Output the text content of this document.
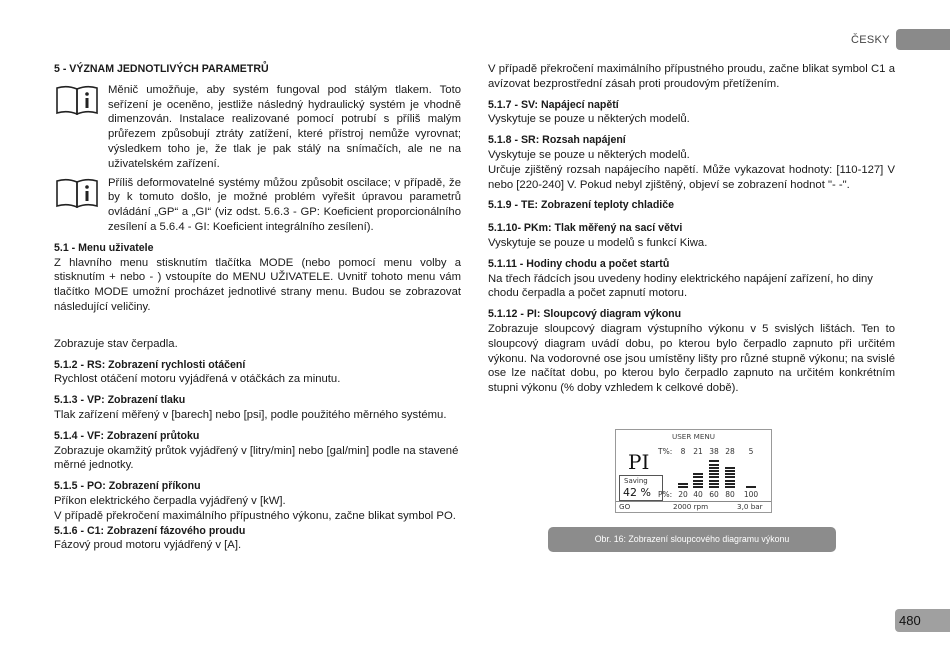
ČESKY

5 - VÝZNAM JEDNOTLIVÝCH PARAMETRŮ

Měnič umožňuje, aby systém fungoval pod stálým tlakem. Toto seřízení je oceněno, jestliže následný hydraulický systém je vhodně dimenzován. Instalace realizované pomocí potrubí s příliš malým průřezem způsobují ztráty zatížení, které přístroj nemůže vyrovnat; výsledkem toho je, že tlak je pak stálý na snímačích, ale ne na uživatelském zařízení.

Příliš deformovatelné systémy můžou způsobit oscilace; v případě, že by k tomuto došlo, je možné problém vyřešit úpravou parametrů ovládání „GP“ a „GI“ (viz odst. 5.6.3 - GP: Koeficient proporcionálního zesílení a 5.6.4 - GI: Koeficient integrálního zesílení).

5.1 - Menu uživatele

Z hlavního menu stisknutím tlačítka MODE (nebo pomocí menu volby a stisknutím + nebo - ) vstoupíte do MENU UŽIVATELE. Uvnitř tohoto menu vám tlačítko MODE umožní procházet jednotlivé strany menu. Budou se zobrazovat následující veličiny.

Zobrazuje stav čerpadla.

5.1.2 - RS: Zobrazení rychlosti otáčení

Rychlost otáčení motoru vyjádřená v otáčkách za minutu.

5.1.3 - VP: Zobrazení tlaku

Tlak zařízení měřený v [barech] nebo [psi], podle použitého měrného systému.

5.1.4 - VF: Zobrazení průtoku

Zobrazuje okamžitý průtok vyjádřený v [litry/min] nebo [gal/min] podle na stavené měrné jednotky.

5.1.5 - PO: Zobrazení příkonu

Příkon elektrického čerpadla vyjádřený v [kW].

V případě překročení maximálního přípustného výkonu, začne blikat symbol PO.

5.1.6 - C1: Zobrazení fázového proudu

Fázový proud motoru vyjádřený v [A].

V případě překročení maximálního přípustného proudu, začne blikat symbol C1 a avízovat bezprostřední zásah proti proudovým přetížením.

5.1.7 - SV: Napájecí napětí

Vyskytuje se pouze u některých modelů.

5.1.8 - SR: Rozsah napájení

Vyskytuje se pouze u některých modelů.

Určuje zjištěný rozsah napájecího napětí. Může vykazovat hodnoty: [110-127] V nebo [220-240] V. Pokud nebyl zjištěný, objeví se zobrazení hodnot "- -".

5.1.9 - TE: Zobrazení teploty chladiče

5.1.10- PKm: Tlak měřený na sací větvi

Vyskytuje se pouze u modelů s funkcí Kiwa.

5.1.11 - Hodiny chodu a počet startů

Na třech řádcích jsou uvedeny hodiny elektrického napájení zařízení, ho diny chodu čerpadla a počet zapnutí motoru.

5.1.12 - PI: Sloupcový diagram výkonu

Zobrazuje sloupcový diagram výstupního výkonu v 5 svislých lištách. Ten to sloupcový diagram uvádí dobu, po kterou bylo čerpadlo zapnuto při určitém výkonu. Na vodorovné ose jsou umístěny lišty pro různé stupně výkonu; na svislé ose lze načítat dobu, po kterou bylo čerpadlo zapnuto na určitém konkrétním stupni výkonu (% doby vzhledem k celkové době).

USER MENU
PI
Saving
42 %
T%:
P%:
GO	2000 rpm	3,0 bar
8
20
21
40
38
60
28
80
5
100
Obr. 16: Zobrazení sloupcového diagramu výkonu
480
